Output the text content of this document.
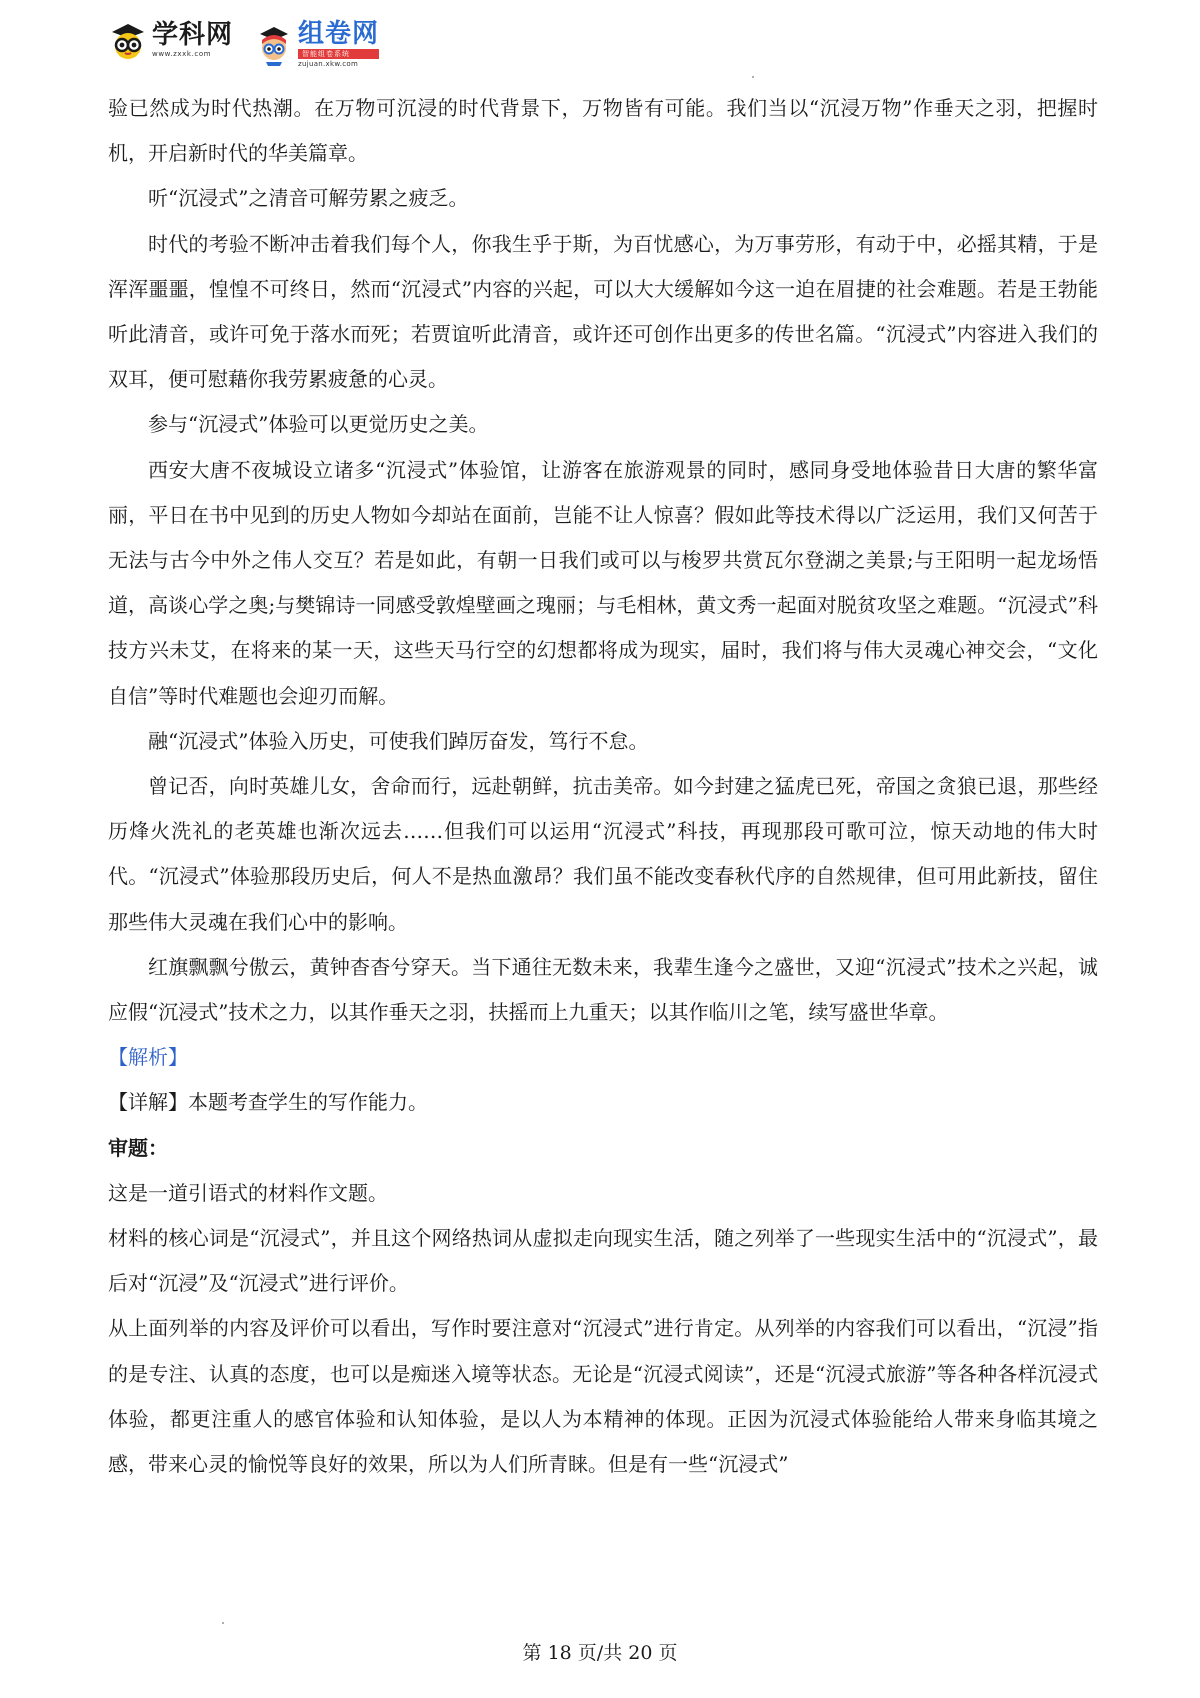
学科网
www.zxxk.com
组卷网
智能组卷系统
zujuan.xkw.com

验已然成为时代热潮。在万物可沉浸的时代背景下，万物皆有可能。我们当以“沉浸万物”作垂天之羽，把握时机，开启新时代的华美篇章。

听“沉浸式”之清音可解劳累之疲乏。

时代的考验不断冲击着我们每个人，你我生乎于斯，为百忧感心，为万事劳形，有动于中，必摇其精，于是浑浑噩噩，惶惶不可终日，然而“沉浸式”内容的兴起，可以大大缓解如今这一迫在眉捷的社会难题。若是王勃能听此清音，或许可免于落水而死；若贾谊听此清音，或许还可创作出更多的传世名篇。“沉浸式”内容进入我们的双耳，便可慰藉你我劳累疲惫的心灵。

参与“沉浸式”体验可以更觉历史之美。

西安大唐不夜城设立诸多“沉浸式”体验馆，让游客在旅游观景的同时，感同身受地体验昔日大唐的繁华富丽，平日在书中见到的历史人物如今却站在面前，岂能不让人惊喜？假如此等技术得以广泛运用，我们又何苦于无法与古今中外之伟人交互？若是如此，有朝一日我们或可以与梭罗共赏瓦尔登湖之美景;与王阳明一起龙场悟道，高谈心学之奥;与樊锦诗一同感受敦煌壁画之瑰丽；与毛相林，黄文秀一起面对脱贫攻坚之难题。“沉浸式”科技方兴未艾，在将来的某一天，这些天马行空的幻想都将成为现实，届时，我们将与伟大灵魂心神交会，“文化自信”等时代难题也会迎刃而解。

融“沉浸式”体验入历史，可使我们踔厉奋发，笃行不怠。

曾记否，向时英雄儿女，舍命而行，远赴朝鲜，抗击美帝。如今封建之猛虎已死，帝国之贪狼已退，那些经历烽火洗礼的老英雄也渐次远去……但我们可以运用“沉浸式”科技，再现那段可歌可泣，惊天动地的伟大时代。“沉浸式”体验那段历史后，何人不是热血激昂？我们虽不能改变春秋代序的自然规律，但可用此新技，留住那些伟大灵魂在我们心中的影响。

红旗飘飘兮傲云，黄钟杳杳兮穿天。当下通往无数未来，我辈生逢今之盛世，又迎“沉浸式”技术之兴起，诚应假“沉浸式”技术之力，以其作垂天之羽，扶摇而上九重天；以其作临川之笔，续写盛世华章。

【解析】

【详解】本题考查学生的写作能力。

审题：

这是一道引语式的材料作文题。

材料的核心词是“沉浸式”，并且这个网络热词从虚拟走向现实生活，随之列举了一些现实生活中的“沉浸式”，最后对“沉浸”及“沉浸式”进行评价。

从上面列举的内容及评价可以看出，写作时要注意对“沉浸式”进行肯定。从列举的内容我们可以看出，“沉浸”指的是专注、认真的态度，也可以是痴迷入境等状态。无论是“沉浸式阅读”，还是“沉浸式旅游”等各种各样沉浸式体验，都更注重人的感官体验和认知体验，是以人为本精神的体现。正因为沉浸式体验能给人带来身临其境之感，带来心灵的愉悦等良好的效果，所以为人们所青睐。但是有一些“沉浸式”

第 18 页/共 20 页
